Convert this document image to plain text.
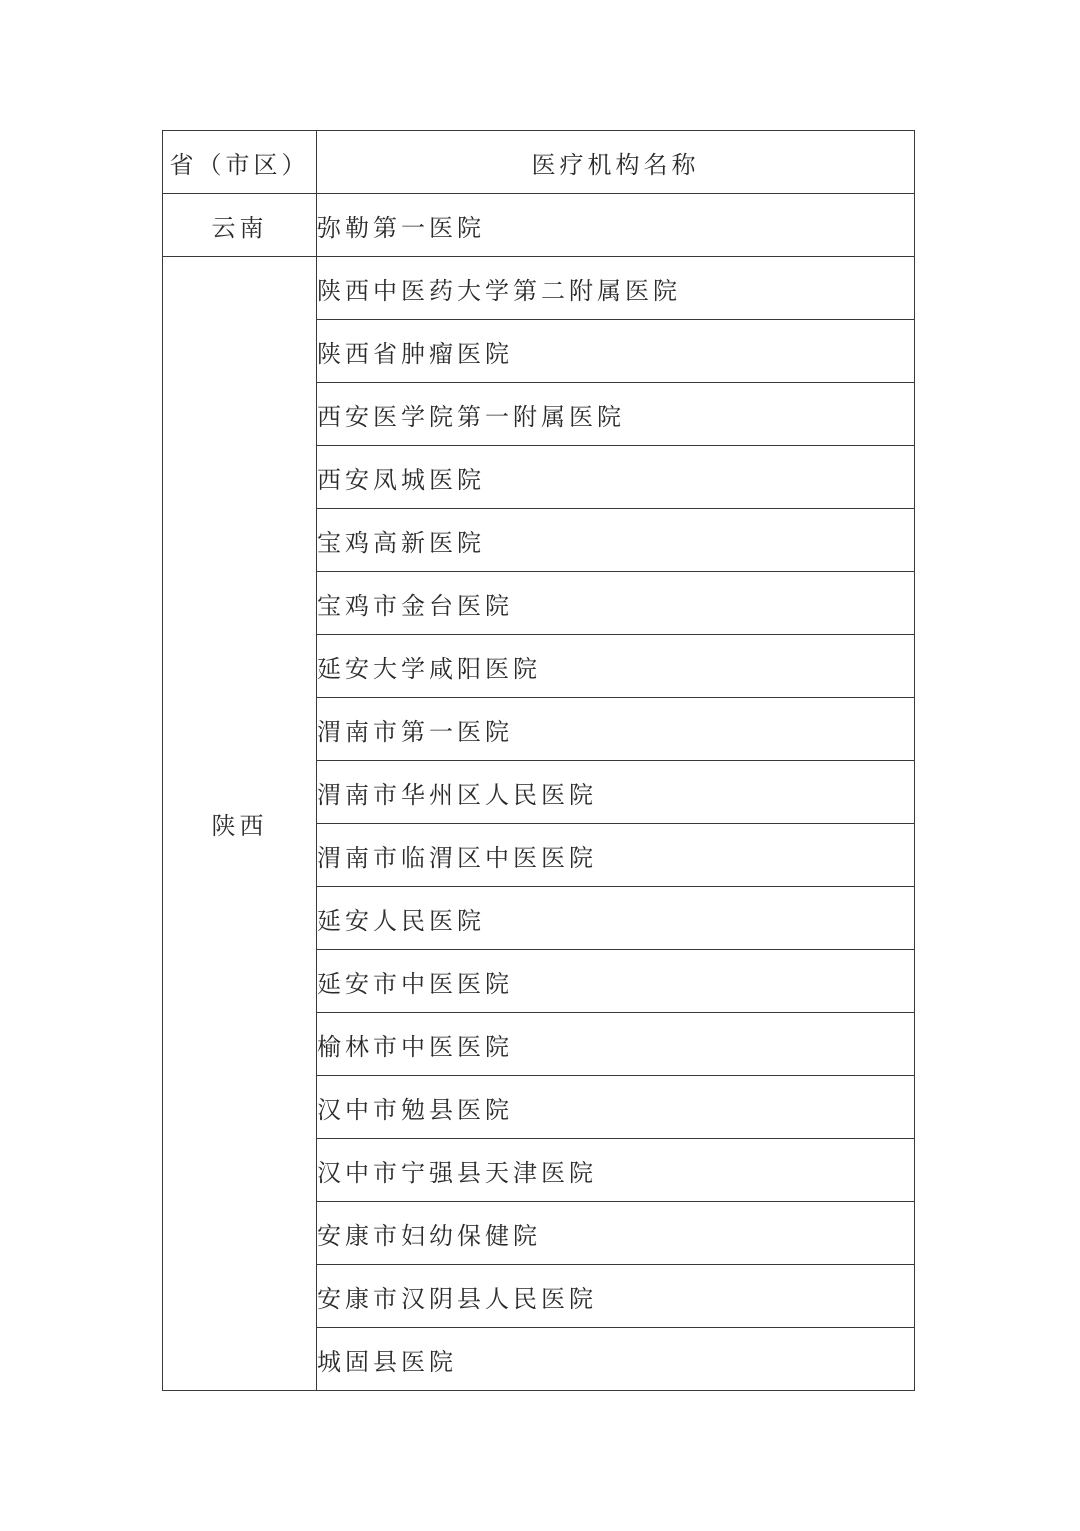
省（市区）	医疗机构名称
云南	弥勒第一医院
陕西	陕西中医药大学第二附属医院
	陕西省肿瘤医院
	西安医学院第一附属医院
	西安凤城医院
	宝鸡高新医院
	宝鸡市金台医院
	延安大学咸阳医院
	渭南市第一医院
	渭南市华州区人民医院
	渭南市临渭区中医医院
	延安人民医院
	延安市中医医院
	榆林市中医医院
	汉中市勉县医院
	汉中市宁强县天津医院
	安康市妇幼保健院
	安康市汉阴县人民医院
	城固县医院
